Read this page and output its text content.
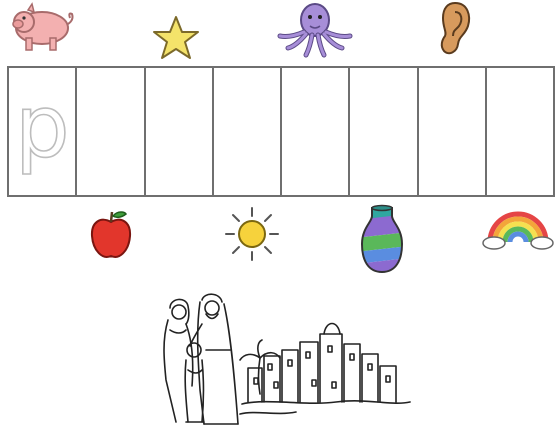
p
